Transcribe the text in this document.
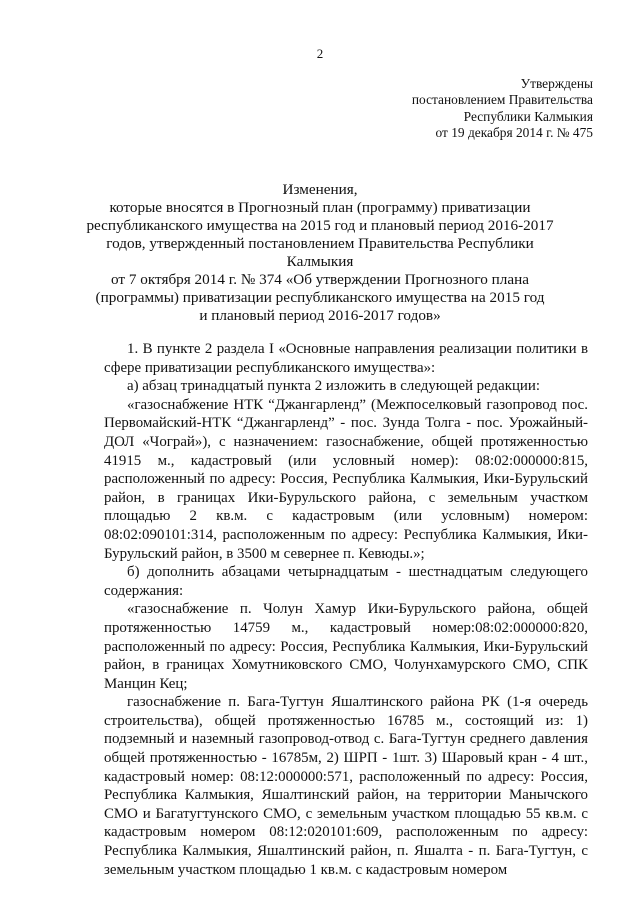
2
Утверждены
постановлением Правительства
Республики Калмыкия
от 19 декабря 2014 г. № 475
Изменения,
которые вносятся в Прогнозный план (программу) приватизации
республиканского имущества на 2015 год и плановый период 2016-2017
годов, утвержденный постановлением Правительства Республики Калмыкия
от 7 октября 2014 г. № 374 «Об утверждении Прогнозного плана
(программы) приватизации республиканского имущества на 2015 год
и плановый период 2016-2017 годов»

1. В пункте 2 раздела I «Основные направления реализации политики в сфере приватизации республиканского имущества»:

а) абзац тринадцатый пункта 2 изложить в следующей редакции:

«газоснабжение НТК “Джангарленд” (Межпоселковый газопровод пос. Первомайский-НТК “Джангарленд” - пос. Зунда Толга - пос. Урожайный-ДОЛ «Чограй»), с назначением: газоснабжение, общей протяженностью 41915 м., кадастровый (или условный номер): 08:02:000000:815, расположенный по адресу: Россия, Республика Калмыкия, Ики-Бурульский район, в границах Ики-Бурульского района, с земельным участком площадью 2 кв.м. с кадастровым (или условным) номером: 08:02:090101:314, расположенным по адресу: Республика Калмыкия, Ики-Бурульский район, в 3500 м севернее п. Кевюды.»;

б) дополнить абзацами четырнадцатым - шестнадцатым следующего содержания:

«газоснабжение п. Чолун Хамур Ики-Бурульского района, общей протяженностью 14759 м., кадастровый номер:08:02:000000:820, расположенный по адресу: Россия, Республика Калмыкия, Ики-Бурульский район, в границах Хомутниковского СМО, Чолунхамурского СМО, СПК Манцин Кец;

газоснабжение п. Бага-Тугтун Яшалтинского района РК (1-я очередь строительства), общей протяженностью 16785 м., состоящий из: 1) подземный и наземный газопровод-отвод с. Бага-Тугтун среднего давления общей протяженностью - 16785м, 2) ШРП - 1шт. 3) Шаровый кран - 4 шт., кадастровый номер: 08:12:000000:571, расположенный по адресу: Россия, Республика Калмыкия, Яшалтинский район, на территории Манычского СМО и Багатугтунского СМО, с земельным участком площадью 55 кв.м. с кадастровым номером 08:12:020101:609, расположенным по адресу: Республика Калмыкия, Яшалтинский район, п. Яшалта - п. Бага-Тугтун, с земельным участком площадью 1 кв.м. с кадастровым номером
